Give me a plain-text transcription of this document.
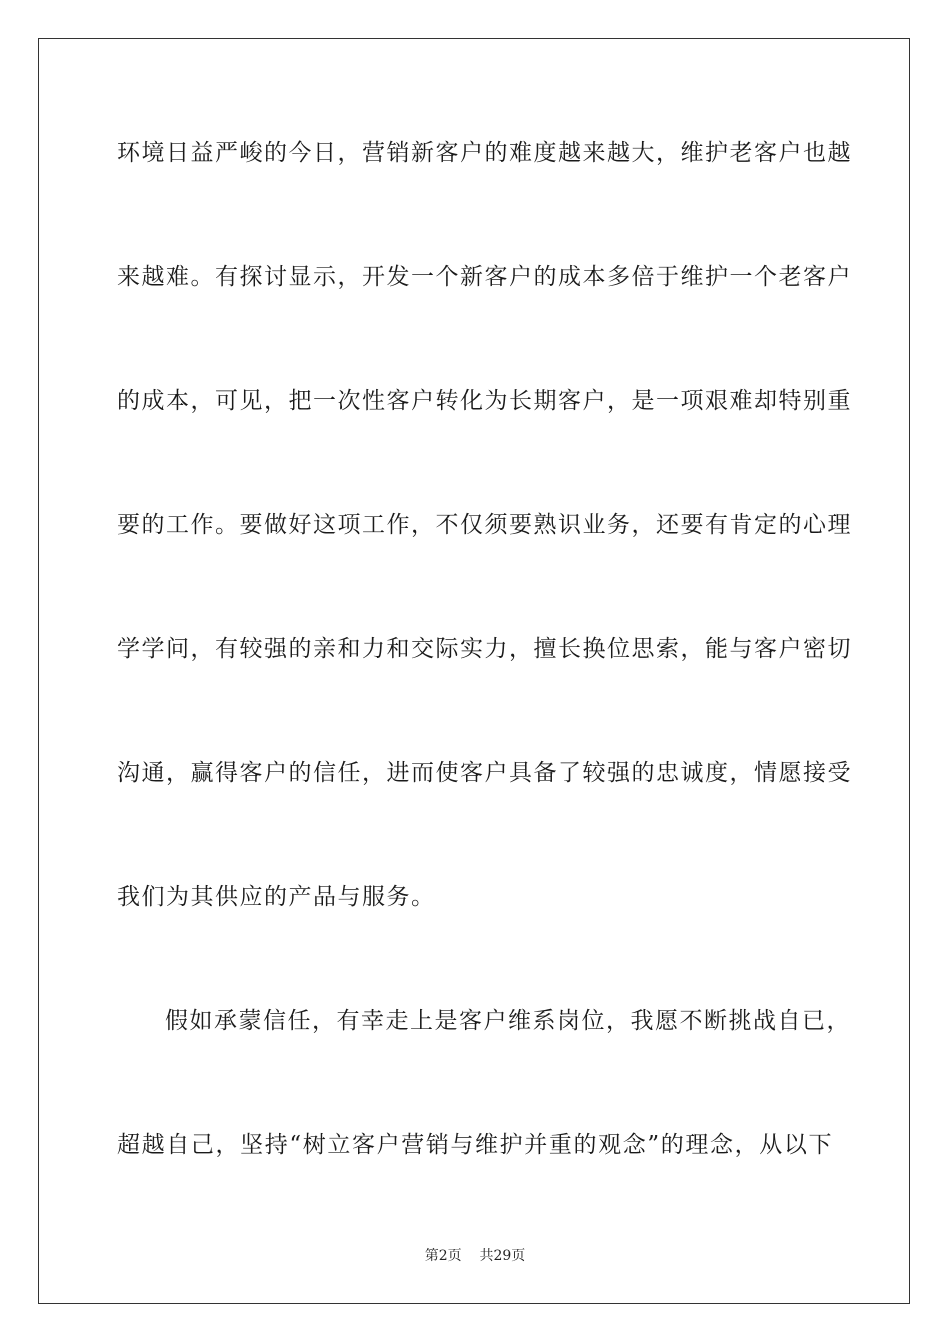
环境日益严峻的今日，营销新客户的难度越来越大，维护老客户也越
来越难。有探讨显示，开发一个新客户的成本多倍于维护一个老客户
的成本，可见，把一次性客户转化为长期客户，是一项艰难却特别重
要的工作。要做好这项工作，不仅须要熟识业务，还要有肯定的心理
学学问，有较强的亲和力和交际实力，擅长换位思索，能与客户密切
沟通，赢得客户的信任，进而使客户具备了较强的忠诚度，情愿接受
我们为其供应的产品与服务。
假如承蒙信任，有幸走上是客户维系岗位，我愿不断挑战自已，
超越自己，坚持“树立客户营销与维护并重的观念”的理念，从以下
第2页    共29页
